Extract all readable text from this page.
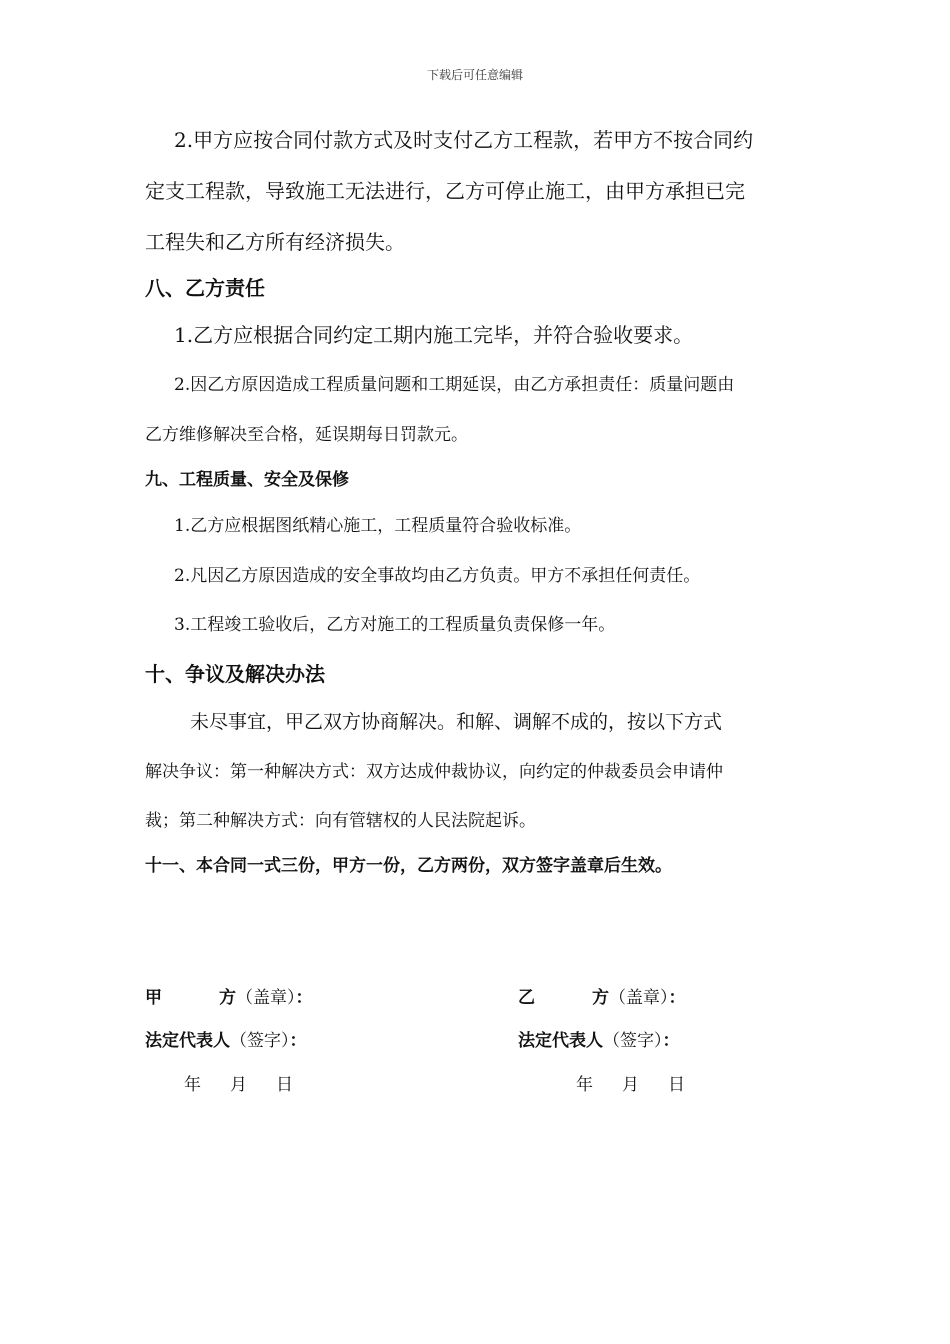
下载后可任意编辑
2.甲方应按合同付款方式及时支付乙方工程款，若甲方不按合同约
定支工程款，导致施工无法进行，乙方可停止施工，由甲方承担已完
工程失和乙方所有经济损失。
八、乙方责任
1.乙方应根据合同约定工期内施工完毕，并符合验收要求。
2.因乙方原因造成工程质量问题和工期延误，由乙方承担责任：质量问题由
乙方维修解决至合格，延误期每日罚款元。
九、工程质量、安全及保修
1.乙方应根据图纸精心施工，工程质量符合验收标准。
2.凡因乙方原因造成的安全事故均由乙方负责。甲方不承担任何责任。
3.工程竣工验收后，乙方对施工的工程质量负责保修一年。
十、争议及解决办法
未尽事宜，甲乙双方协商解决。和解、调解不成的，按以下方式
解决争议：第一种解决方式：双方达成仲裁协议，向约定的仲裁委员会申请仲
裁；第二种解决方式：向有管辖权的人民法院起诉。
十一、本合同一式三份，甲方一份，乙方两份，双方签字盖章后生效。
甲	方（盖章）：
法定代表人（签字）：
年 月 日
乙	方（盖章）：
法定代表人（签字）：
年 月 日
